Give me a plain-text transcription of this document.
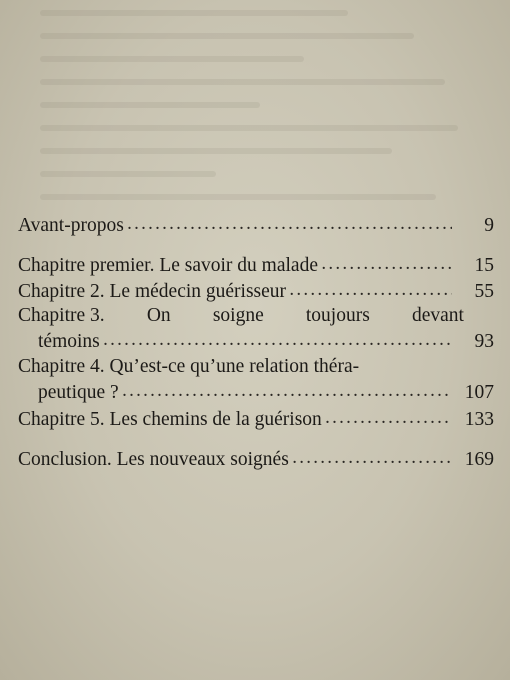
Avant-propos . . .	9
Chapitre premier. Le savoir du malade . . .	15
Chapitre 2. Le médecin guérisseur . . .	55
Chapitre 3. On soigne toujours devant
témoins . . .	93
Chapitre 4. Qu’est-ce qu’une relation théra-
peutique ? . . .	107
Chapitre 5. Les chemins de la guérison . . .	133
Conclusion. Les nouveaux soignés . . .	169
